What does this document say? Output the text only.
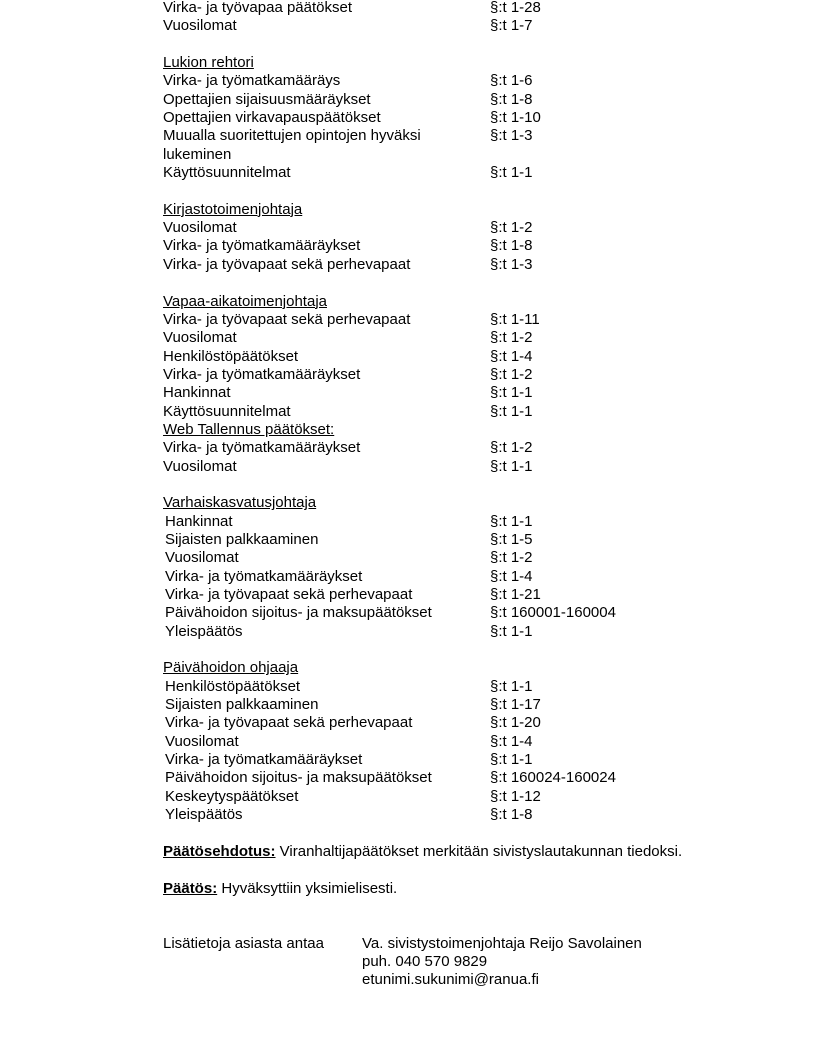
Virka- ja työvapaa päätökset	§:t 1-28
Vuosilomat	§:t 1-7
Lukion rehtori
Virka- ja työmatkamääräys	§:t 1-6
Opettajien sijaisuusmääräykset	§:t 1-8
Opettajien virkavapauspäätökset	§:t 1-10
Muualla suoritettujen opintojen hyväksi	§:t 1-3
lukeminen
Käyttösuunnitelmat	§:t 1-1
Kirjastotoimenjohtaja
Vuosilomat	§:t 1-2
Virka- ja työmatkamääräykset	§:t 1-8
Virka- ja työvapaat sekä perhevapaat	§:t 1-3
Vapaa-aikatoimenjohtaja
Virka- ja työvapaat sekä perhevapaat	§:t 1-11
Vuosilomat	§:t 1-2
Henkilöstöpäätökset	§:t 1-4
Virka- ja työmatkamääräykset	§:t 1-2
Hankinnat	§:t 1-1
Käyttösuunnitelmat	§:t 1-1
Web Tallennus päätökset:
Virka- ja työmatkamääräykset	§:t 1-2
Vuosilomat	§:t 1-1
Varhaiskasvatusjohtaja
Hankinnat	§:t 1-1
Sijaisten palkkaaminen	§:t 1-5
Vuosilomat	§:t 1-2
Virka- ja työmatkamääräykset	§:t 1-4
Virka- ja työvapaat sekä perhevapaat	§:t 1-21
Päivähoidon sijoitus- ja maksupäätökset	§:t 160001-160004
Yleispäätös	§:t 1-1
Päivähoidon ohjaaja
Henkilöstöpäätökset	§:t 1-1
Sijaisten palkkaaminen	§:t 1-17
Virka- ja työvapaat sekä perhevapaat	§:t 1-20
Vuosilomat	§:t 1-4
Virka- ja työmatkamääräykset	§:t 1-1
Päivähoidon sijoitus- ja maksupäätökset	§:t 160024-160024
Keskeytyspäätökset	§:t 1-12
Yleispäätös	§:t 1-8
Päätösehdotus: Viranhaltijapäätökset merkitään sivistyslautakunnan tiedoksi.
Päätös: Hyväksyttiin yksimielisesti.
Lisätietoja asiasta antaa	Va. sivistystoimenjohtaja Reijo Savolainen
puh. 040 570 9829
etunimi.sukunimi@ranua.fi
